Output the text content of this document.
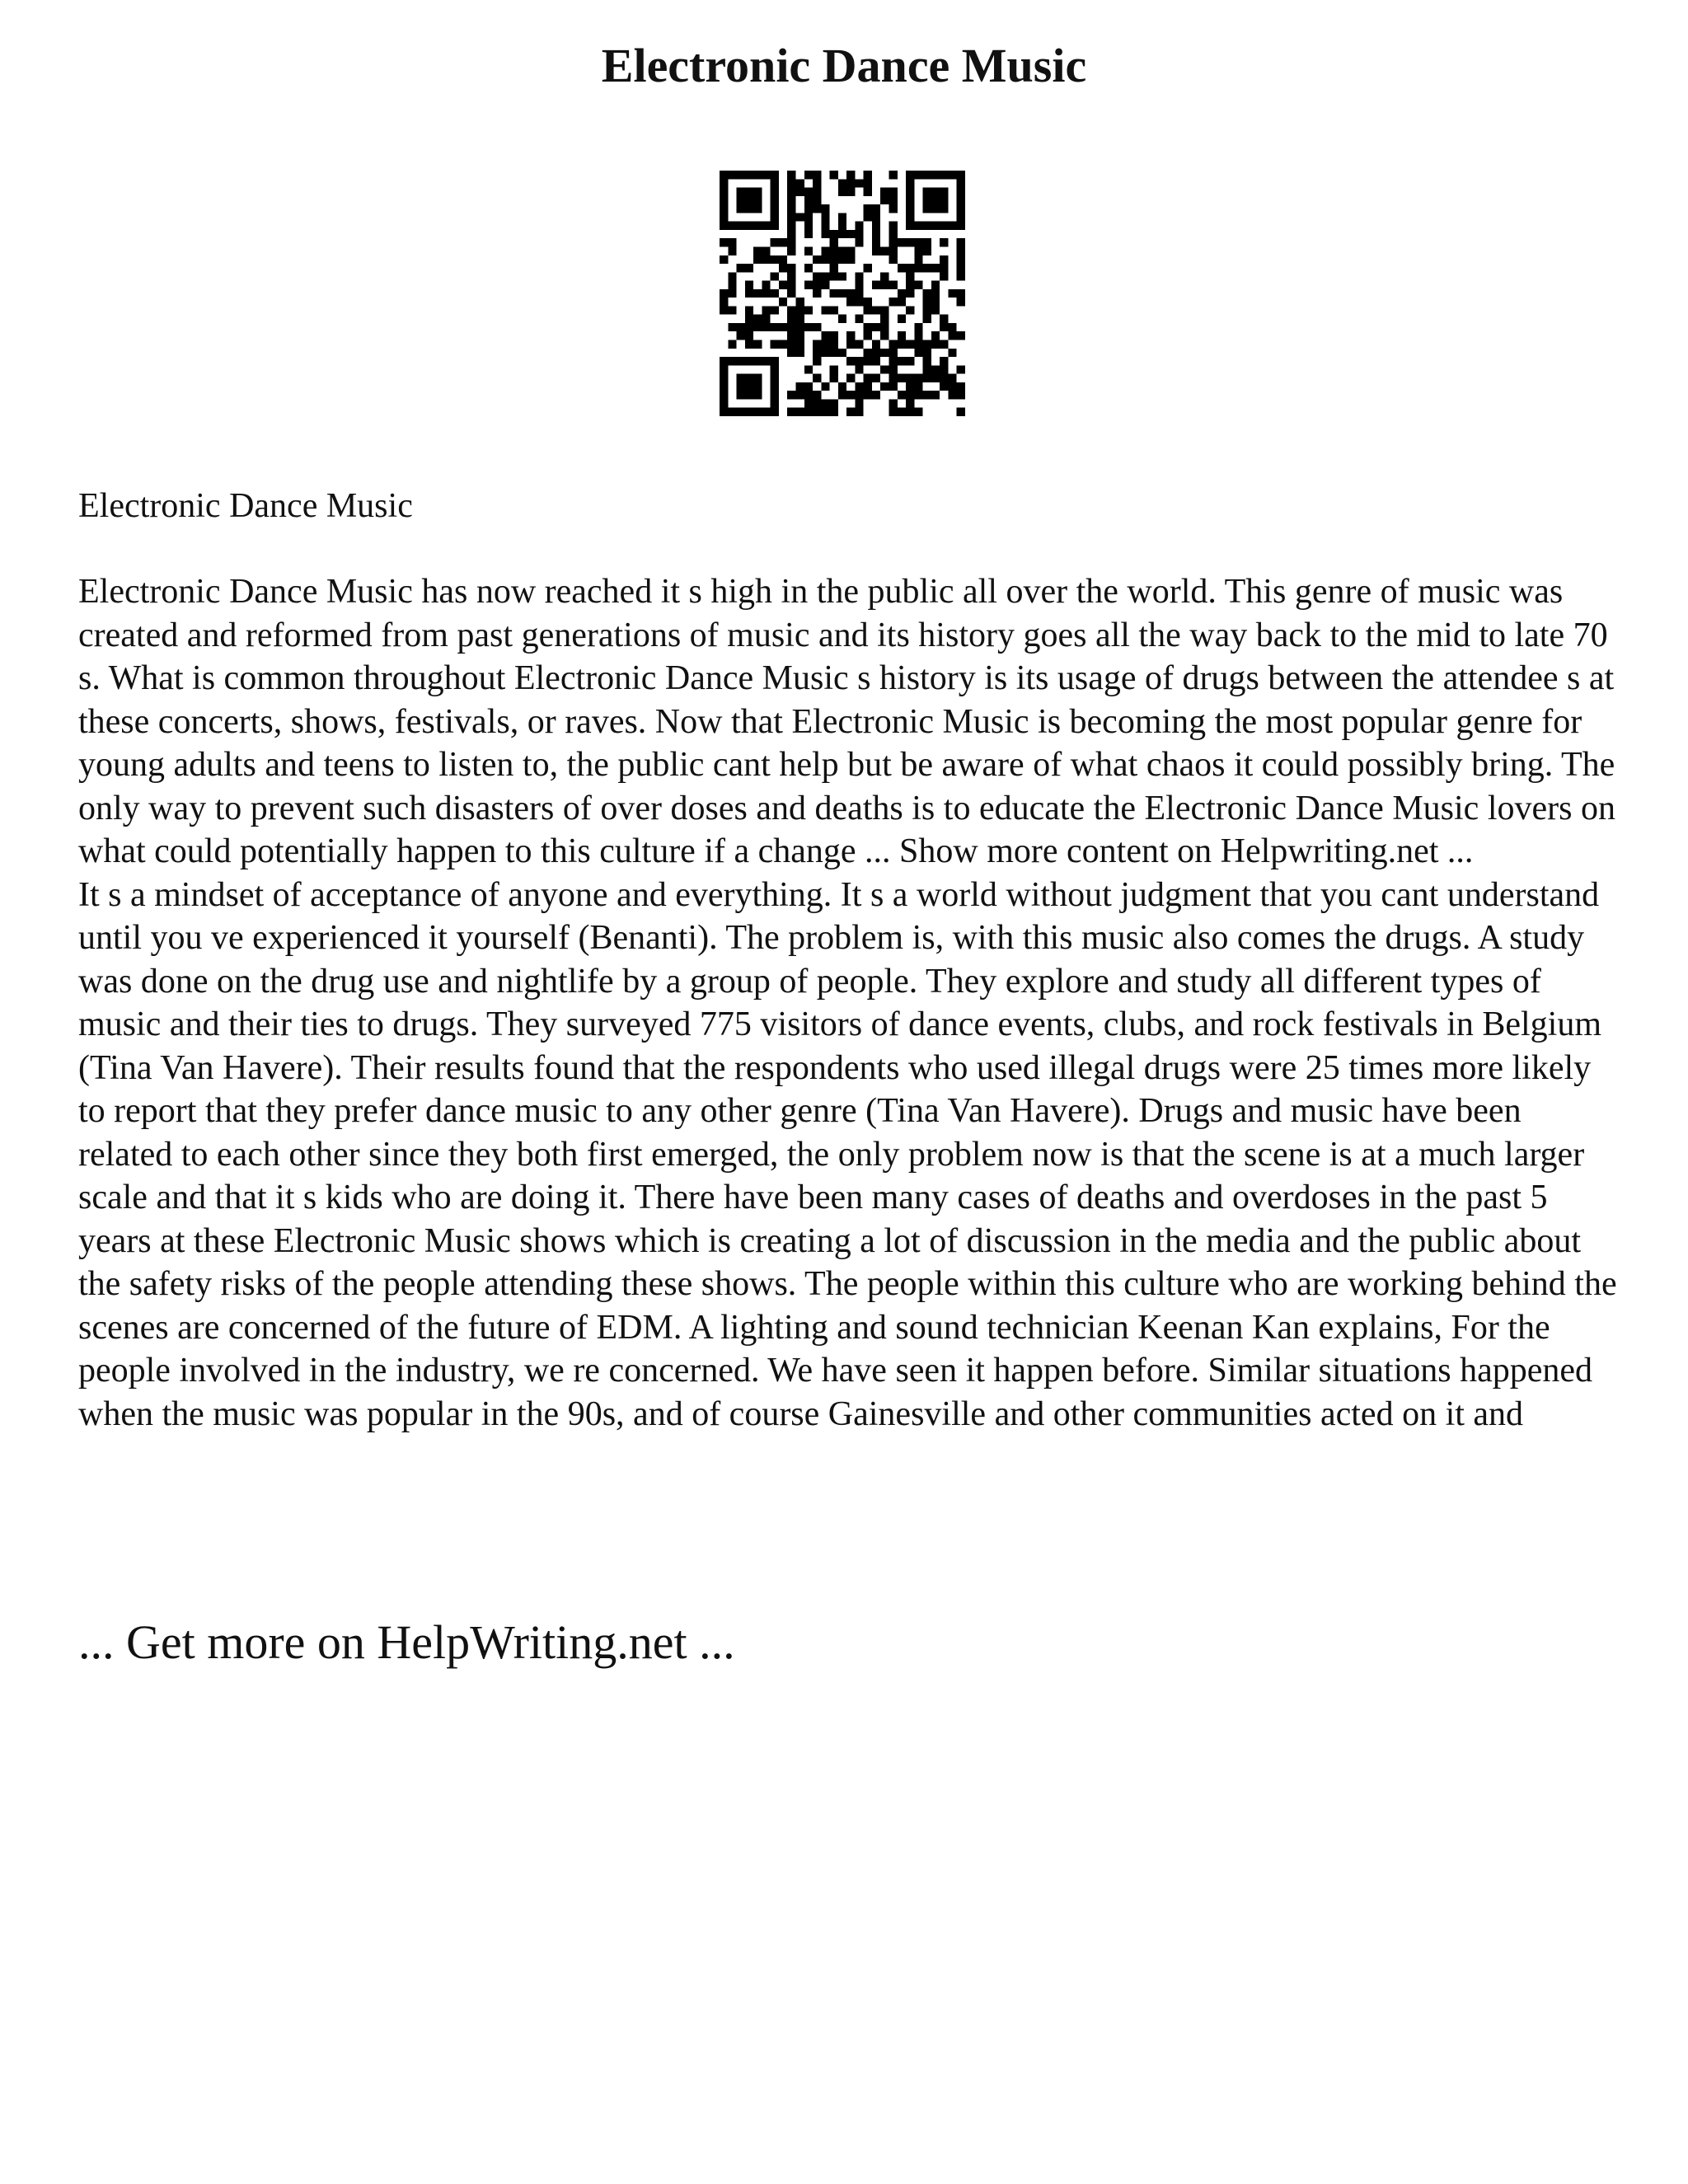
Electronic Dance Music

Electronic Dance Music

Electronic Dance Music has now reached it s high in the public all over the world. This genre of music was created and reformed from past generations of music and its history goes all the way back to the mid to late 70 s. What is common throughout Electronic Dance Music s history is its usage of drugs between the attendee s at these concerts, shows, festivals, or raves. Now that Electronic Music is becoming the most popular genre for young adults and teens to listen to, the public cant help but be aware of what chaos it could possibly bring. The only way to prevent such disasters of over doses and deaths is to educate the Electronic Dance Music lovers on what could potentially happen to this culture if a change ... Show more content on Helpwriting.net ...

It s a mindset of acceptance of anyone and everything. It s a world without judgment that you cant understand until you ve experienced it yourself (Benanti). The problem is, with this music also comes the drugs. A study was done on the drug use and nightlife by a group of people. They explore and study all different types of music and their ties to drugs. They surveyed 775 visitors of dance events, clubs, and rock festivals in Belgium (Tina Van Havere). Their results found that the respondents who used illegal drugs were 25 times more likely to report that they prefer dance music to any other genre (Tina Van Havere). Drugs and music have been related to each other since they both first emerged, the only problem now is that the scene is at a much larger scale and that it s kids who are doing it. There have been many cases of deaths and overdoses in the past 5 years at these Electronic Music shows which is creating a lot of discussion in the media and the public about the safety risks of the people attending these shows. The people within this culture who are working behind the scenes are concerned of the future of EDM. A lighting and sound technician Keenan Kan explains, For the people involved in the industry, we re concerned. We have seen it happen before. Similar situations happened when the music was popular in the 90s, and of course Gainesville and other communities acted on it and

... Get more on HelpWriting.net ...
